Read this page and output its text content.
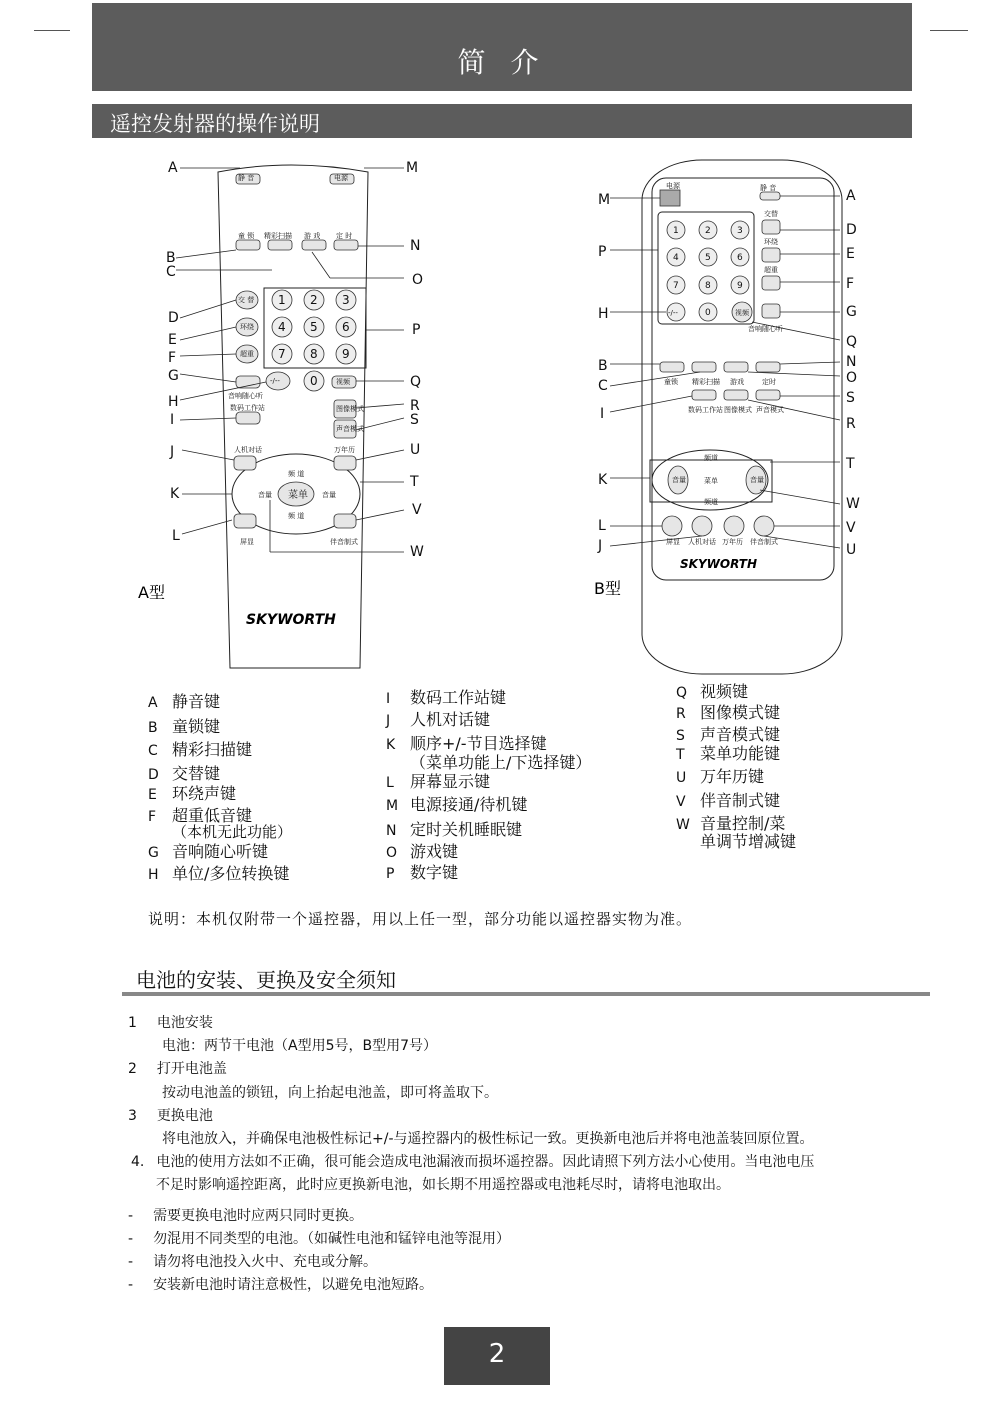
简 介
遥控发射器的操作说明
A
B
C
D
E
F
G
H
I
J
K
L
M
N
O
P
Q
R
S
U
T
V
W
M
P
H
B
C
I
K
L
J
A
D
E
F
G
Q
N
O
S
R
T
W
V
U
静 音	电源
童 锁 精彩扫描 游 戏 定 时
交 替
环绕
超重
-/--	视频
音响随心听
数码工作站	图像模式
声音模式
人机对话	万年历
频 道
频 道
音量	音量
菜单
屏显	伴音制式
1 2 3
4 5 6
7 8 9
0
电源	静 音
交替
环绕
超重
视频
音响随心听
童锁 精彩扫描 游戏	定时
数码工作站 图像模式 声音模式
频道
频道
音量	音量
菜单
屏显 人机对话 万年历 伴音制式
-/--
1	2	3
4	5	6
7	8	9
0
A型	B型
SKYWORTH
SKYWORTH
A 静音键
B 童锁键
C 精彩扫描键
D 交替键
E 环绕声键
F 超重低音键
（本机无此功能）
G 音响随心听键
H 单位/多位转换键
I 数码工作站键
J 人机对话键
K 顺序+/-节目选择键
（菜单功能上/下选择键）
L 屏幕显示键
M 电源接通/待机键
N 定时关机睡眠键
O 游戏键
P 数字键
Q 视频键
R 图像模式键
S 声音模式键
T 菜单功能键
U 万年历键
V 伴音制式键
W 音量控制/菜
单调节增减键
说明：本机仅附带一个遥控器，用以上任一型，部分功能以遥控器实物为准。
电池的安装、更换及安全须知
1 电池安装
电池：两节干电池（A型用5号，B型用7号）
2 打开电池盖
按动电池盖的锁钮，向上抬起电池盖，即可将盖取下。
3 更换电池
将电池放入，并确保电池极性标记+/-与遥控器内的极性标记一致。更换新电池后并将电池盖装回原位置。
4. 电池的使用方法如不正确，很可能会造成电池漏液而损坏遥控器。因此请照下列方法小心使用。当电池电压
不足时影响遥控距离，此时应更换新电池，如长期不用遥控器或电池耗尽时，请将电池取出。
- 需要更换电池时应两只同时更换。
- 勿混用不同类型的电池。（如碱性电池和锰锌电池等混用）
- 请勿将电池投入火中、充电或分解。
- 安装新电池时请注意极性，以避免电池短路。
2
